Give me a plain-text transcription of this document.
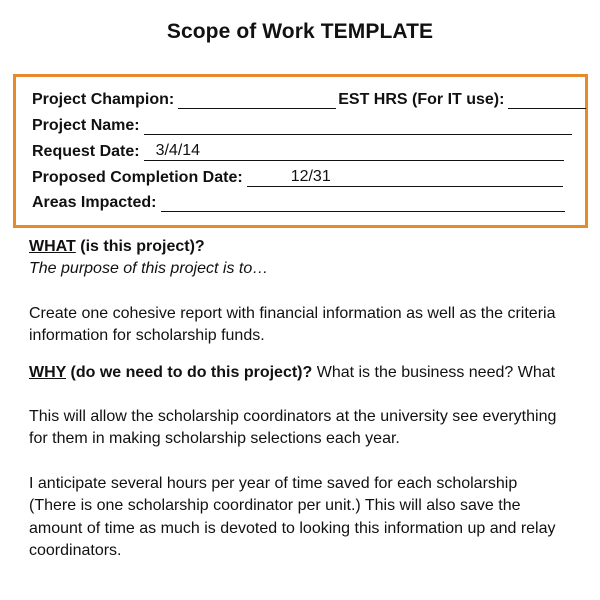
Scope of Work TEMPLATE
Project Champion:	EST HRS (For IT use):
Project Name:
Request Date: 3/4/14
Proposed Completion Date:	12/31
Areas Impacted:
WHAT (is this project)?
The purpose of this project is to…
Create one cohesive report with financial information as well as the criteria
information for scholarship funds.
WHY (do we need to do this project)? What is the business need? What
This will allow the scholarship coordinators at the university see everything
for them in making scholarship selections each year.
I anticipate several hours per year of time saved for each scholarship
(There is one scholarship coordinator per unit.) This will also save the
amount of time as much is devoted to looking this information up and relay
coordinators.
